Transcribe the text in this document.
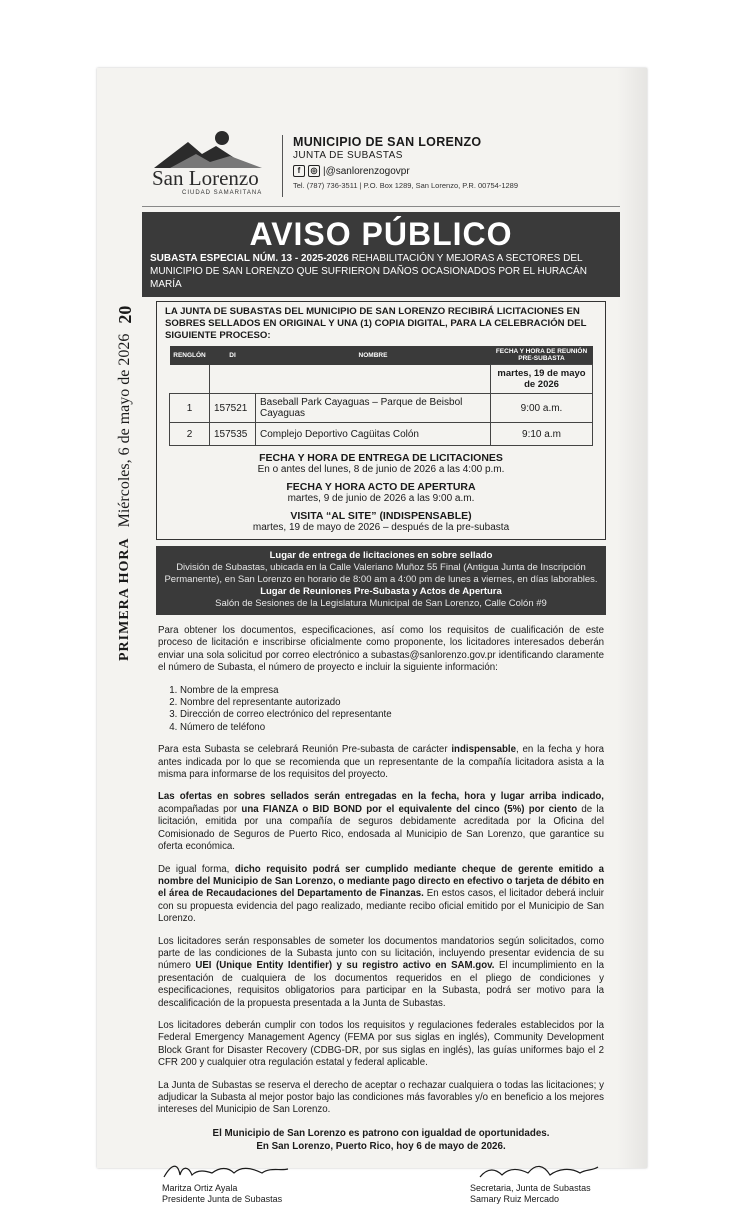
PRIMERA HORA
Miércoles, 6 de mayo de 2026
20
San Lorenzo
CIUDAD SAMARITANA
MUNICIPIO DE SAN LORENZO
JUNTA DE SUBASTAS
f	◎ |@sanlorenzogovpr
Tel. (787) 736-3511 | P.O. Box 1289, San Lorenzo, P.R. 00754-1289
AVISO PÚBLICO
SUBASTA ESPECIAL NÚM. 13 - 2025-2026 REHABILITACIÓN Y MEJORAS A SECTORES DEL MUNICIPIO DE SAN LORENZO QUE SUFRIERON DAÑOS OCASIONADOS POR EL HURACÁN MARÍA
LA JUNTA DE SUBASTAS DEL MUNICIPIO DE SAN LORENZO RECIBIRÁ LICITACIONES EN SOBRES SELLADOS EN ORIGINAL Y UNA (1) COPIA DIGITAL, PARA LA CELEBRACIÓN DEL SIGUIENTE PROCESO:
RENGLÓN	DI	NOMBRE	FECHA Y HORA DE REUNIÓN PRE-SUBASTA
			martes, 19 de mayo de 2026
1	157521	Baseball Park Cayaguas – Parque de Beisbol Cayaguas	9:00 a.m.
2	157535	Complejo Deportivo Cagüitas Colón	9:10 a.m
FECHA Y HORA DE ENTREGA DE LICITACIONES
En o antes del lunes, 8 de junio de 2026 a las 4:00 p.m.
FECHA Y HORA ACTO DE APERTURA
martes, 9 de junio de 2026 a las 9:00 a.m.
VISITA “AL SITE” (INDISPENSABLE)
martes, 19 de mayo de 2026 – después de la pre-subasta
Lugar de entrega de licitaciones en sobre sellado
División de Subastas, ubicada en la Calle Valeriano Muñoz 55 Final (Antigua Junta de Inscripción Permanente), en San Lorenzo en horario de 8:00 am a 4:00 pm de lunes a viernes, en días laborables.
Lugar de Reuniones Pre-Subasta y Actos de Apertura
Salón de Sesiones de la Legislatura Municipal de San Lorenzo, Calle Colón #9

Para obtener los documentos, especificaciones, así como los requisitos de cualificación de este proceso de licitación e inscribirse oficialmente como proponente, los licitadores interesados deberán enviar una sola solicitud por correo electrónico a subastas@sanlorenzo.gov.pr identificando claramente el número de Subasta, el número de proyecto e incluir la siguiente información:

1. Nombre de la empresa
2. Nombre del representante autorizado
3. Dirección de correo electrónico del representante
4. Número de teléfono

Para esta Subasta se celebrará Reunión Pre-subasta de carácter indispensable, en la fecha y hora antes indicada por lo que se recomienda que un representante de la compañía licitadora asista a la misma para informarse de los requisitos del proyecto.

Las ofertas en sobres sellados serán entregadas en la fecha, hora y lugar arriba indicado, acompañadas por una FIANZA o BID BOND por el equivalente del cinco (5%) por ciento de la licitación, emitida por una compañía de seguros debidamente acreditada por la Oficina del Comisionado de Seguros de Puerto Rico, endosada al Municipio de San Lorenzo, que garantice su oferta económica.

De igual forma, dicho requisito podrá ser cumplido mediante cheque de gerente emitido a nombre del Municipio de San Lorenzo, o mediante pago directo en efectivo o tarjeta de débito en el área de Recaudaciones del Departamento de Finanzas. En estos casos, el licitador deberá incluir con su propuesta evidencia del pago realizado, mediante recibo oficial emitido por el Municipio de San Lorenzo.

Los licitadores serán responsables de someter los documentos mandatorios según solicitados, como parte de las condiciones de la Subasta junto con su licitación, incluyendo presentar evidencia de su número UEI (Unique Entity Identifier) y su registro activo en SAM.gov. El incumplimiento en la presentación de cualquiera de los documentos requeridos en el pliego de condiciones y especificaciones, requisitos obligatorios para participar en la Subasta, podrá ser motivo para la descalificación de la propuesta presentada a la Junta de Subastas.

Los licitadores deberán cumplir con todos los requisitos y regulaciones federales establecidos por la Federal Emergency Management Agency (FEMA por sus siglas en inglés), Community Development Block Grant for Disaster Recovery (CDBG-DR, por sus siglas en inglés), las guías uniformes bajo el 2 CFR 200 y cualquier otra regulación estatal y federal aplicable.

La Junta de Subastas se reserva el derecho de aceptar o rechazar cualquiera o todas las licitaciones; y adjudicar la Subasta al mejor postor bajo las condiciones más favorables y/o en beneficio a los mejores intereses del Municipio de San Lorenzo.

El Municipio de San Lorenzo es patrono con igualdad de oportunidades.
En San Lorenzo, Puerto Rico, hoy 6 de mayo de 2026.
Maritza Ortiz Ayala
Presidente Junta de Subastas
Secretaria, Junta de Subastas
Samary Ruiz Mercado
